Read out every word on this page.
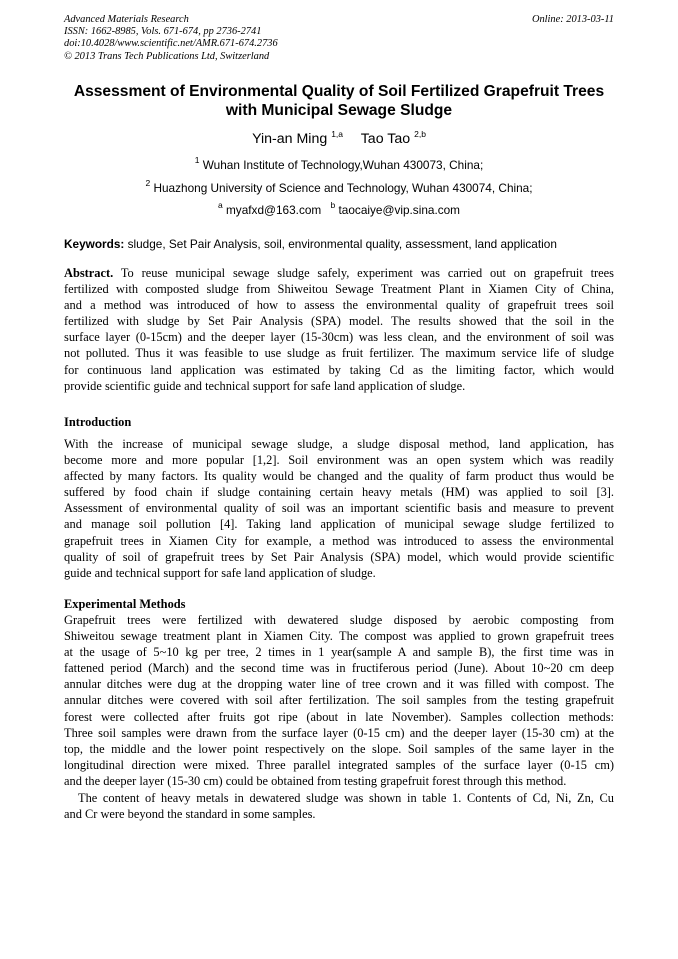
Advanced Materials Research
ISSN: 1662-8985, Vols. 671-674, pp 2736-2741
doi:10.4028/www.scientific.net/AMR.671-674.2736
© 2013 Trans Tech Publications Ltd, Switzerland
Online: 2013-03-11
Assessment of Environmental Quality of Soil Fertilized Grapefruit Trees
with Municipal Sewage Sludge
Yin-an Ming $^{1,a}$ Tao Tao $^{2,b}$
$^1$ Wuhan Institute of Technology,Wuhan 430073, China;
$^2$ Huazhong University of Science and Technology, Wuhan 430074, China;
$^a$ myafxd@163.com $^b$ taocaiye@vip.sina.com
Keywords: sludge, Set Pair Analysis, soil, environmental quality, assessment, land application
Abstract. To reuse municipal sewage sludge safely, experiment was carried out on grapefruit trees
fertilized with composted sludge from Shiweitou Sewage Treatment Plant in Xiamen City of China,
and a method was introduced of how to assess the environmental quality of grapefruit trees soil
fertilized with sludge by Set Pair Analysis (SPA) model. The results showed that the soil in the
surface layer (0-15cm) and the deeper layer (15-30cm) was less clean, and the environment of soil was
not polluted. Thus it was feasible to use sludge as fruit fertilizer. The maximum service life of sludge
for continuous land application was estimated by taking Cd as the limiting factor, which would
provide scientific guide and technical support for safe land application of sludge.
Introduction
With the increase of municipal sewage sludge, a sludge disposal method, land application, has
become more and more popular [1,2]. Soil environment was an open system which was readily
affected by many factors. Its quality would be changed and the quality of farm product thus would be
suffered by food chain if sludge containing certain heavy metals (HM) was applied to soil [3].
Assessment of environmental quality of soil was an important scientific basis and measure to prevent
and manage soil pollution [4]. Taking land application of municipal sewage sludge fertilized to
grapefruit trees in Xiamen City for example, a method was introduced to assess the environmental
quality of soil of grapefruit trees by Set Pair Analysis (SPA) model, which would provide scientific
guide and technical support for safe land application of sludge.
Experimental Methods
Grapefruit trees were fertilized with dewatered sludge disposed by aerobic composting from
Shiweitou sewage treatment plant in Xiamen City. The compost was applied to grown grapefruit trees
at the usage of 5~10 kg per tree, 2 times in 1 year(sample A and sample B), the first time was in
fattened period (March) and the second time was in fructiferous period (June). About 10~20 cm deep
annular ditches were dug at the dropping water line of tree crown and it was filled with compost. The
annular ditches were covered with soil after fertilization. The soil samples from the testing grapefruit
forest were collected after fruits got ripe (about in late November). Samples collection methods:
Three soil samples were drawn from the surface layer (0-15 cm) and the deeper layer (15-30 cm) at the
top, the middle and the lower point respectively on the slope. Soil samples of the same layer in the
longitudinal direction were mixed. Three parallel integrated samples of the surface layer (0-15 cm)
and the deeper layer (15-30 cm) could be obtained from testing grapefruit forest through this method.
The content of heavy metals in dewatered sludge was shown in table 1. Contents of Cd, Ni, Zn, Cu
and Cr were beyond the standard in some samples.
